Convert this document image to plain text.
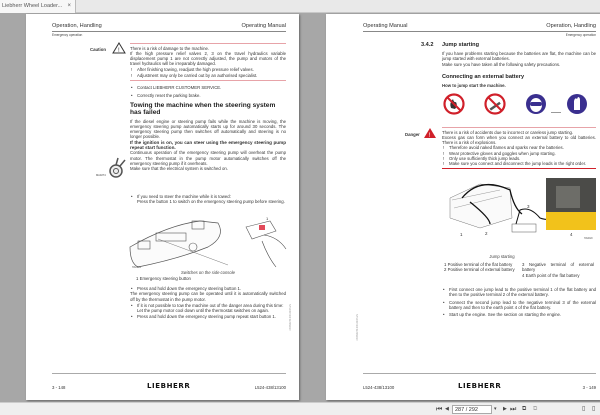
Liebherr Wheel Loader... ×
Operation, Handling	Operating Manual
Emergency operation
Caution ! There is a risk of damage to the machine.
If the high pressure relief valves 2, 3 on the travel hydraulics variable displacement pump 1 are not correctly adjusted, the pump and motors of the travel hydraulics will be irreparably damaged.
! After finishing towing, readjust the high pressure relief valves.
! Adjustment may only be carried out by an authorised specialist.
• Contact LIEBHERR CUSTOMER SERVICE.
• Correctly reset the parking brake.
Towing the machine when the steering system has failed
If the diesel engine or steering pump fails while the machine is moving, the emergency steering pump automatically starts up for around 30 seconds. The emergency steering pump then switches off automatically and steering is no longer possible.
If the ignition is on, you can steer using the emergency steering pump repeat start function.
Continuous operation of the emergency steering pump will overheat the pump motor. The thermostat in the pump motor automatically switches off the emergency steering pump if it overheats.
Make sure that the electrical system is switched on.
MA0274
• If you need to steer the machine while it is towed:
Press the button 1 to switch on the emergency steering pump before steering.
1
HA0091
Switches on the side console
1 Emergency steering button
• Press and hold down the emergency steering button 1.
The emergency steering pump can be operated until it is automatically switched off by the thermostat in the pump motor.
• If it is not possible to tow the machine out of the danger area during this time:
Let the pump motor cool down until the thermostat switches on again.
• Press and hold down the emergency steering pump repeat start button 1.	LWPA0270.004-0207-EN
3 - 148	LIEBHERR	L524-438/13100
Operating Manual	Operation, Handling
Emergency operation
3.4.2 Jump starting
If you have problems starting because the batteries are flat, the machine can be jump started with external batteries.
Make sure you have taken all the following safety precautions.
Connecting an external battery
How to jump start the machine.
Danger !
There is a risk of accidents due to incorrect or careless jump starting.
Excess gas can form when you connect an external battery to old batteries. There is a risk of explosions.
! Therefore avoid naked flames and sparks near the batteries.
! Wear protective gloves and goggles when jump starting.
! Only use sufficiently thick jump leads.
! Make sure you connect and disconnect the jump leads in the right order.
1	2
3
4
HA0020
Jump starting
1 Positive terminal of the flat battery
2 Positive terminal of external battery
3 Negative terminal of external battery
4 Earth point of the flat battery
• First connect one jump lead to the positive terminal 1 of the flat battery and then to the positive terminal 2 of the external battery.
• Connect the second jump lead to the negative terminal 3 of the external battery and then to the earth point 4 of the flat battery.
• Start up the engine. See the section on starting the engine.
LWPA0270.004-0207-EN
L524-438/13100	LIEBHERR	3 - 149
⏮ ◀	287 / 292	▾ ▶ ⏭ ⧉ ⧉	▯ ▯
